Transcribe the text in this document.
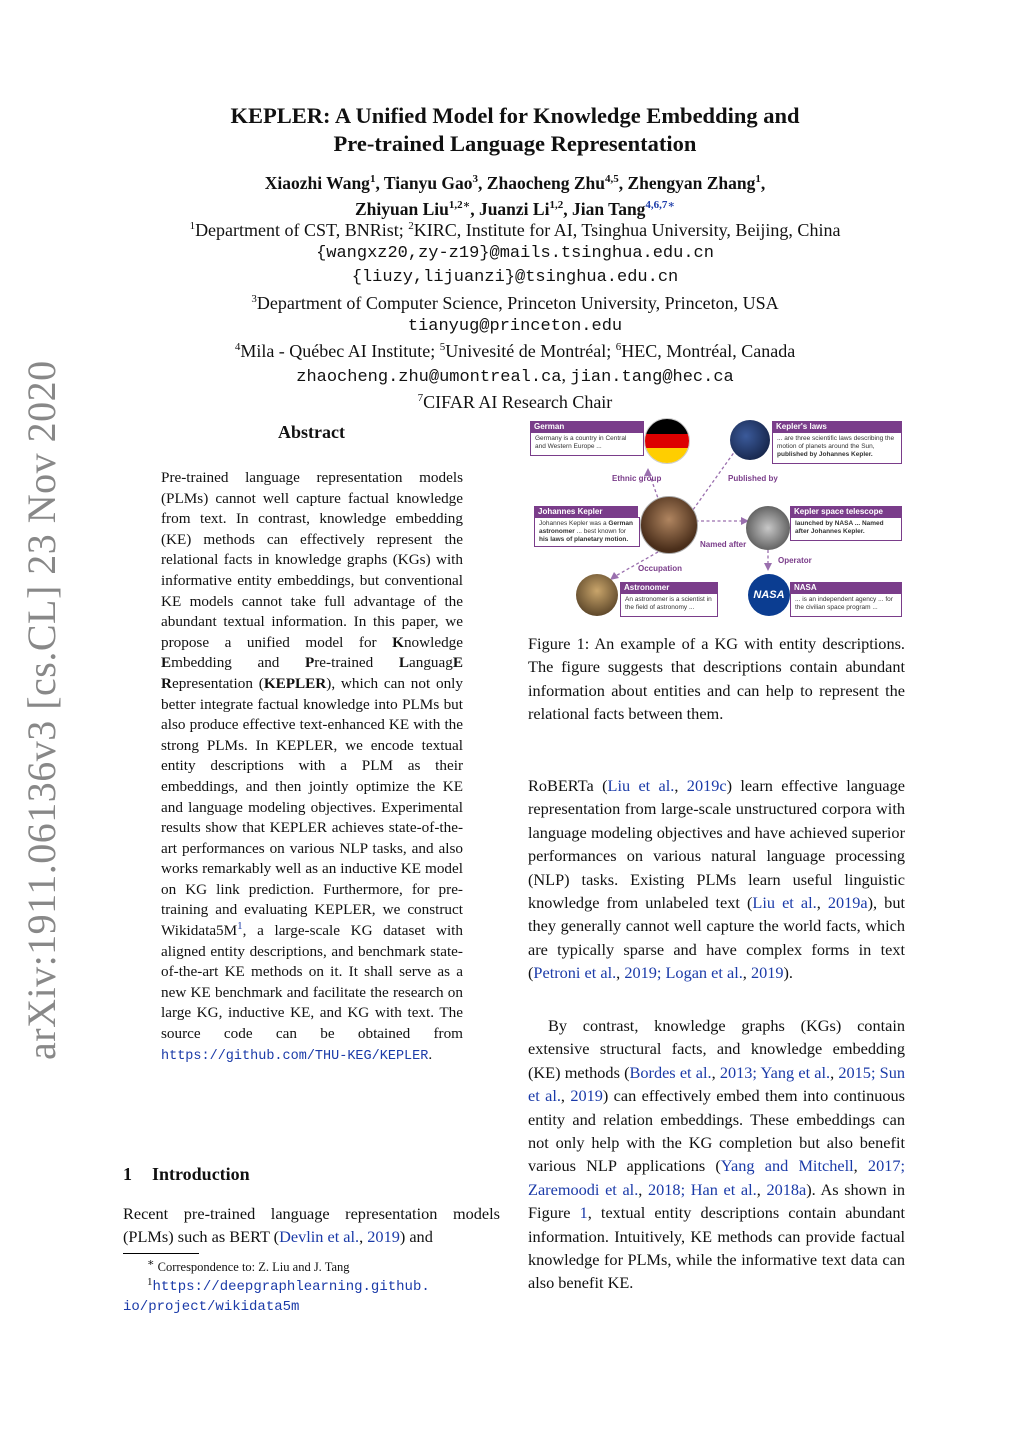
arXiv:1911.06136v3 [cs.CL] 23 Nov 2020
KEPLER: A Unified Model for Knowledge Embedding and
Pre-trained Language Representation
Xiaozhi Wang$^1$, Tianyu Gao$^3$, Zhaocheng Zhu$^{4,5}$, Zhengyan Zhang$^1$,
Zhiyuan Liu$^{1,2∗}$, Juanzi Li$^{1,2}$, Jian Tang$^{4,6,7∗}$
$^1$Department of CST, BNRist; $^2$KIRC, Institute for AI, Tsinghua University, Beijing, China
{wangxz20,zy-z19}@mails.tsinghua.edu.cn
{liuzy,lijuanzi}@tsinghua.edu.cn
$^3$Department of Computer Science, Princeton University, Princeton, USA
tianyug@princeton.edu
$^4$Mila - Québec AI Institute; $^5$Univesité de Montréal; $^6$HEC, Montréal, Canada
zhaocheng.zhu@umontreal.ca, jian.tang@hec.ca
$^7$CIFAR AI Research Chair
Abstract
Pre-trained language representation models (PLMs) cannot well capture factual knowledge from text. In contrast, knowledge embedding (KE) methods can effectively represent the relational facts in knowledge graphs (KGs) with informative entity embeddings, but conventional KE models cannot take full advantage of the abundant textual information. In this paper, we propose a unified model for Knowledge Embedding and Pre-trained LanguagE Representation (KEPLER), which can not only better integrate factual knowledge into PLMs but also produce effective text-enhanced KE with the strong PLMs. In KEPLER, we encode textual entity descriptions with a PLM as their embeddings, and then jointly optimize the KE and language modeling objectives. Experimental results show that KEPLER achieves state-of-the-art performances on various NLP tasks, and also works remarkably well as an inductive KE model on KG link prediction. Furthermore, for pre-training and evaluating KEPLER, we construct $Wikidata5M^1$, a large-scale KG dataset with aligned entity descriptions, and benchmark state-of-the-art KE methods on it. It shall serve as a new KE benchmark and facilitate the research on large KG, inductive KE, and KG with text. The source code can be obtained from https://github.com/THU-KEG/KEPLER.
1 Introduction
Recent pre-trained language representation models (PLMs) such as BERT (Devlin et al., 2019) and
∗ Correspondence to: Z. Liu and J. Tang
$^1$https://deepgraphlearning.github.
io/project/wikidata5m
German
Germany is a country in Central and Western Europe ...
Kepler's laws
... are three scientific laws describing the motion of planets around the Sun, published by Johannes Kepler.
Ethnic group	Published by
Johannes Kepler
Johannes Kepler was a German astronomer ... best known for his laws of planetary motion.
Kepler space telescope
launched by NASA ... Named after Johannes Kepler.
Named after
Operator
Occupation
Astronomer
An astronomer is a scientist in the field of astronomy ...
NASA
NASA
... is an independent agency ... for the civilian space program ...
Figure 1: An example of a KG with entity descriptions. The figure suggests that descriptions contain abundant information about entities and can help to represent the relational facts between them.
RoBERTa (Liu et al., 2019c) learn effective language representation from large-scale unstructured corpora with language modeling objectives and have achieved superior performances on various natural language processing (NLP) tasks. Existing PLMs learn useful linguistic knowledge from unlabeled text (Liu et al., 2019a), but they generally cannot well capture the world facts, which are typically sparse and have complex forms in text (Petroni et al., 2019; Logan et al., 2019).
By contrast, knowledge graphs (KGs) contain extensive structural facts, and knowledge embedding (KE) methods (Bordes et al., 2013; Yang et al., 2015; Sun et al., 2019) can effectively embed them into continuous entity and relation embeddings. These embeddings can not only help with the KG completion but also benefit various NLP applications (Yang and Mitchell, 2017; Zaremoodi et al., 2018; Han et al., 2018a). As shown in Figure 1, textual entity descriptions contain abundant information. Intuitively, KE methods can provide factual knowledge for PLMs, while the informative text data can also benefit KE.
